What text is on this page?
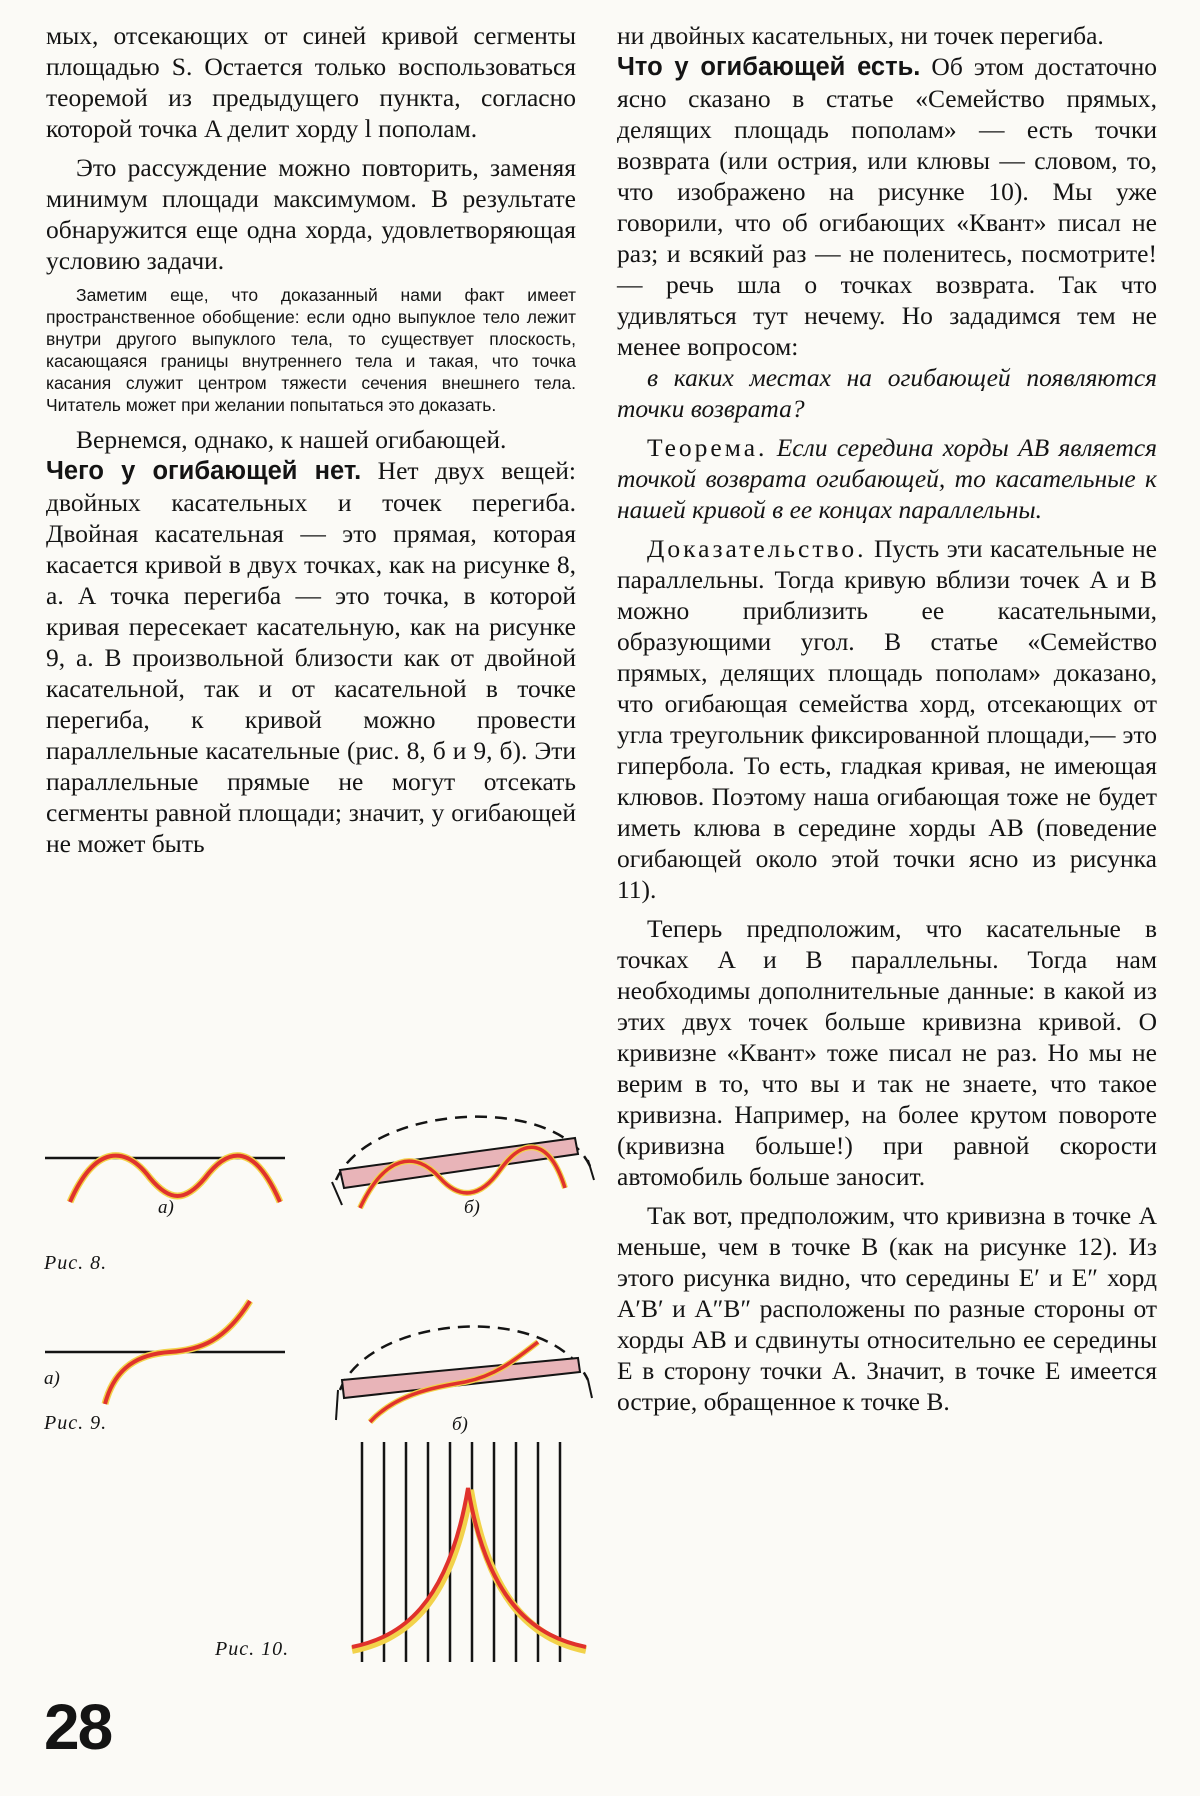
мых, отсекающих от синей кривой сегменты площадью S. Остается только воспользоваться теоремой из предыдущего пункта, согласно которой точка A делит хорду l пополам.

Это рассуждение можно повторить, заменяя минимум площади максимумом. В результате обнаружится еще одна хорда, удовлетворяющая условию задачи.

Заметим еще, что доказанный нами факт имеет пространственное обобщение: если одно выпуклое тело лежит внутри другого выпуклого тела, то существует плоскость, касающаяся границы внутреннего тела и такая, что точка касания служит центром тяжести сечения внешнего тела. Читатель может при желании попытаться это доказать.

Вернемся, однако, к нашей огибающей.

Чего у огибающей нет. Нет двух вещей: двойных касательных и точек перегиба. Двойная касательная — это прямая, которая касается кривой в двух точках, как на рисунке 8, а. А точка перегиба — это точка, в которой кривая пересекает касательную, как на рисунке 9, а. В произвольной близости как от двойной касательной, так и от касательной в точке перегиба, к кривой можно провести параллельные касательные (рис. 8, б и 9, б). Эти параллельные прямые не могут отсекать сегменты равной площади; значит, у огибающей не может быть

ни двойных касательных, ни точек перегиба.

Что у огибающей есть. Об этом достаточно ясно сказано в статье «Семейство прямых, делящих площадь пополам» — есть точки возврата (или острия, или клювы — словом, то, что изображено на рисунке 10). Мы уже говорили, что об огибающих «Квант» писал не раз; и всякий раз — не поленитесь, посмотрите! — речь шла о точках возврата. Так что удивляться тут нечему. Но зададимся тем не менее вопросом:

в каких местах на огибающей появляются точки возврата?

Теорема. Если середина хорды AB является точкой возврата огибающей, то касательные к нашей кривой в ее концах параллельны.

Доказательство. Пусть эти касательные не параллельны. Тогда кривую вблизи точек A и B можно приблизить ее касательными, образующими угол. В статье «Семейство прямых, делящих площадь пополам» доказано, что огибающая семейства хорд, отсекающих от угла треугольник фиксированной площади,— это гипербола. То есть, гладкая кривая, не имеющая клювов. Поэтому наша огибающая тоже не будет иметь клюва в середине хорды AB (поведение огибающей около этой точки ясно из рисунка 11).

Теперь предположим, что касательные в точках A и B параллельны. Тогда нам необходимы дополнительные данные: в какой из этих двух точек больше кривизна кривой. О кривизне «Квант» тоже писал не раз. Но мы не верим в то, что вы и так не знаете, что такое кривизна. Например, на более крутом повороте (кривизна больше!) при равной скорости автомобиль больше заносит.

Так вот, предположим, что кривизна в точке A меньше, чем в точке B (как на рисунке 12). Из этого рисунка видно, что середины E′ и E″ хорд A′B′ и A″B″ расположены по разные стороны от хорды AB и сдвинуты относительно ее середины E в сторону точки A. Значит, в точке E имеется острие, обращенное к точке B.

а)	б)
Рис. 8.
а)
Рис. 9.	б)
Рис. 10.
28
